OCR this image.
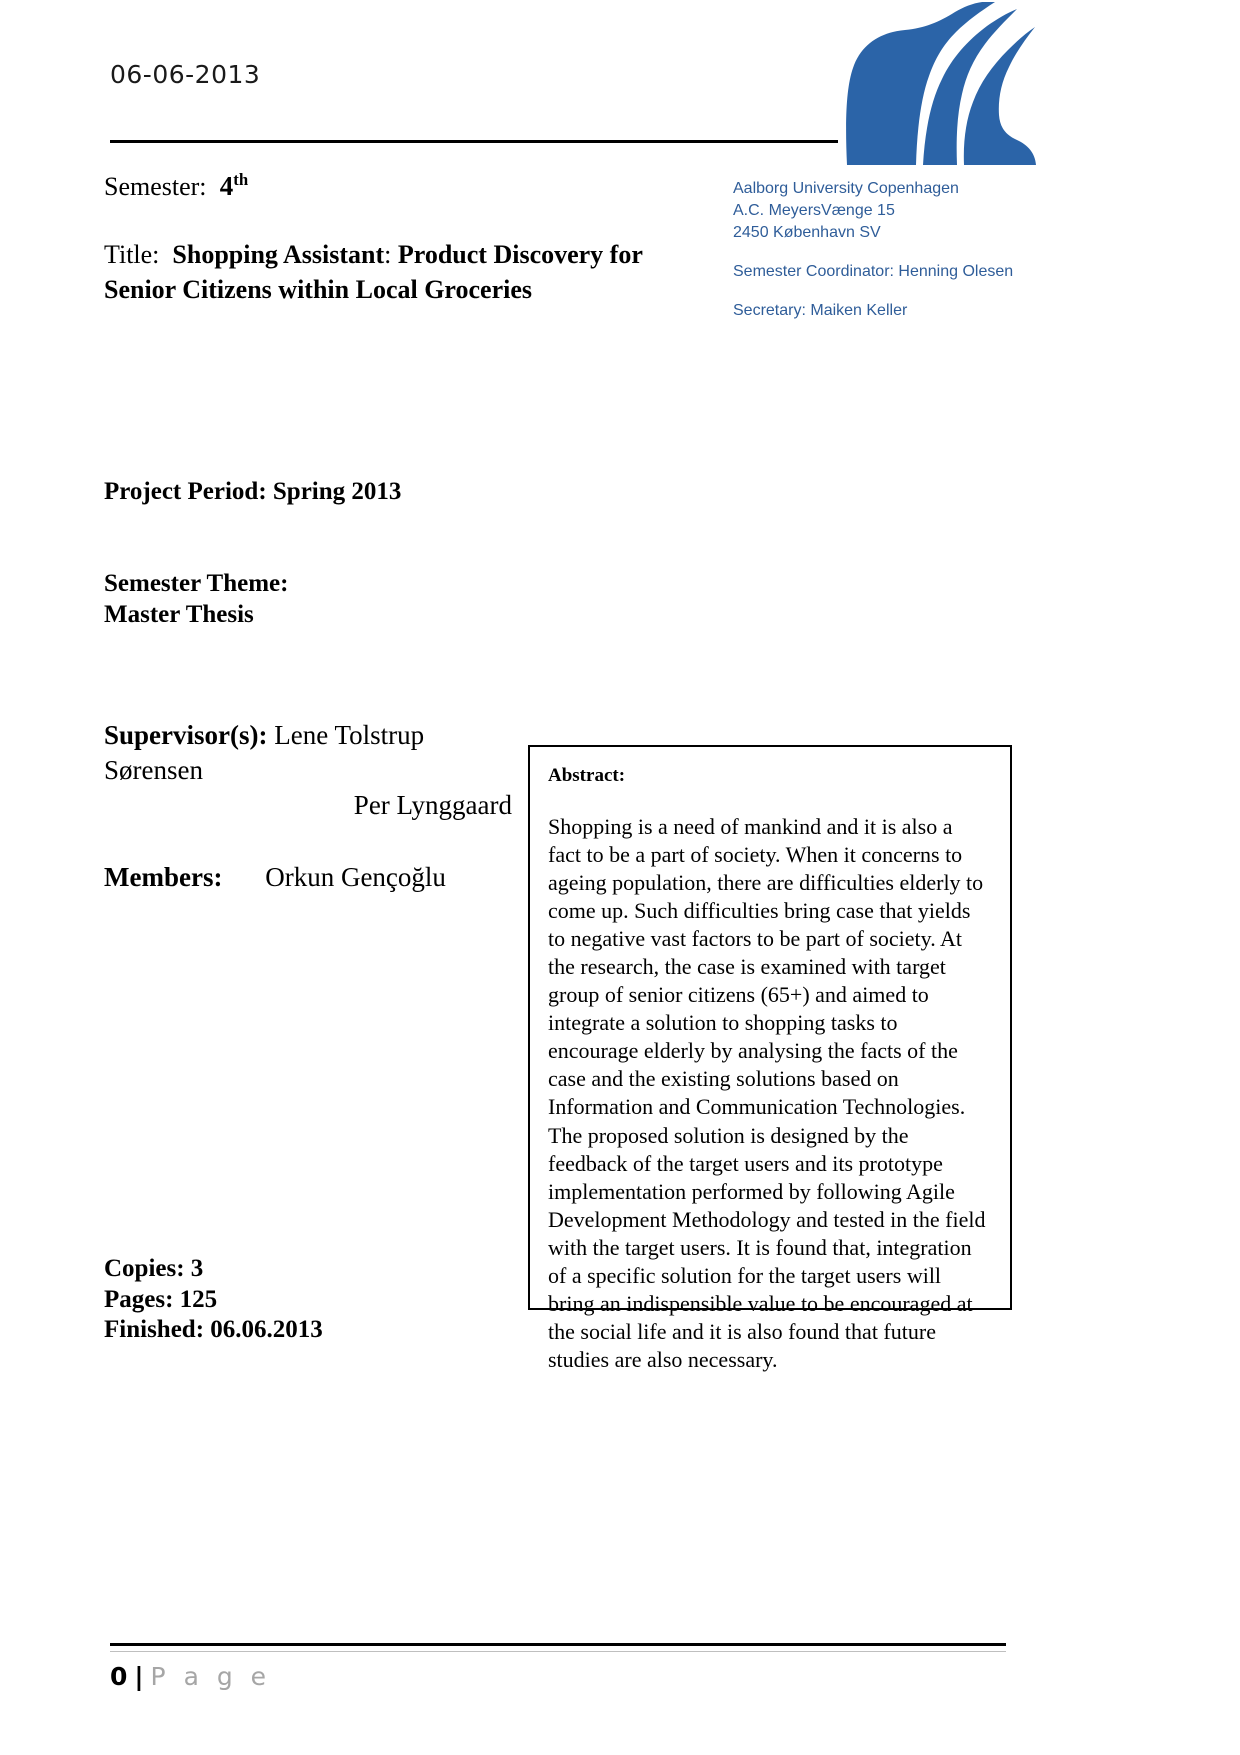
06-06-2013
Semester: 4th
Title: Shopping Assistant: Product Discovery for Senior Citizens within Local Groceries
Aalborg University Copenhagen
A.C. MeyersVænge 15
2450 København SV
Semester Coordinator: Henning Olesen
Secretary: Maiken Keller
Project Period: Spring 2013
Semester Theme:
Master Thesis
Supervisor(s): Lene Tolstrup Sørensen
Per Lynggaard
Members: Orkun Gençoğlu
Abstract:
Shopping is a need of mankind and it is also a fact to be a part of society. When it concerns to ageing population, there are difficulties elderly to come up. Such difficulties bring case that yields to negative vast factors to be part of society. At the research, the case is examined with target group of senior citizens (65+) and aimed to integrate a solution to shopping tasks to encourage elderly by analysing the facts of the case and the existing solutions based on Information and Communication Technologies. The proposed solution is designed by the feedback of the target users and its prototype implementation performed by following Agile Development Methodology and tested in the field with the target users. It is found that, integration of a specific solution for the target users will bring an indispensible value to be encouraged at the social life and it is also found that future studies are also necessary.
Copies: 3
Pages: 125
Finished: 06.06.2013
0 | P a g e
